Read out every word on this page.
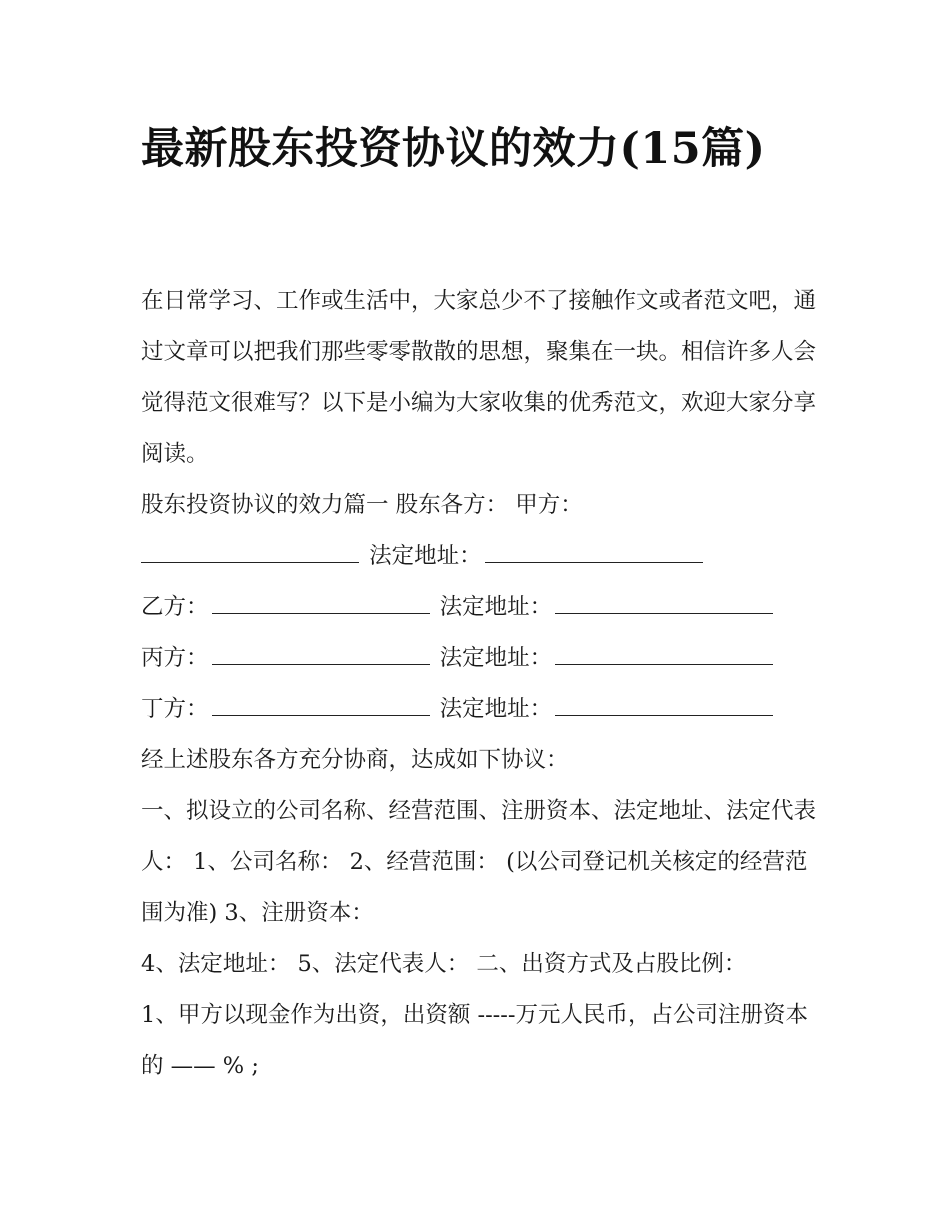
最新股东投资协议的效力(15篇)

在日常学习、工作或生活中，大家总少不了接触作文或者范文吧，通过文章可以把我们那些零零散散的思想，聚集在一块。相信许多人会觉得范文很难写？以下是小编为大家收集的优秀范文，欢迎大家分享阅读。

股东投资协议的效力篇一 股东各方： 甲方：

法定地址：

乙方：	法定地址：

丙方：	法定地址：

丁方：	法定地址：

经上述股东各方充分协商，达成如下协议：

一、拟设立的公司名称、经营范围、注册资本、法定地址、法定代表人： 1、公司名称： 2、经营范围： (以公司登记机关核定的经营范围为准) 3、注册资本：

4、法定地址： 5、法定代表人： 二、出资方式及占股比例：

1、甲方以现金作为出资，出资额 -----万元人民币，占公司注册资本的 —— % ;
